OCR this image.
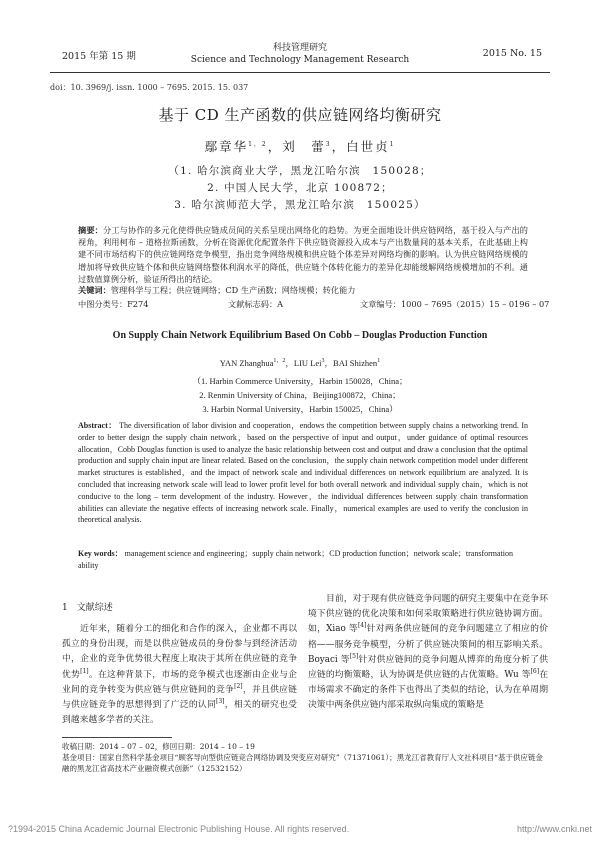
2015 年第 15 期
科技管理研究
Science and Technology Management Research
2015 No. 15
doi：10. 3969/j. issn. 1000 – 7695. 2015. 15. 037
基于 CD 生产函数的供应链网络均衡研究
鄢章华$^{1,2}$，刘　蕾$^3$，白世贞$^1$
（1. 哈尔滨商业大学，黑龙江哈尔滨　150028；
2. 中国人民大学，北京 100872；
3. 哈尔滨师范大学，黑龙江哈尔滨　150025）
摘要：分工与协作的多元化使得供应链成员间的关系呈现出网络化的趋势。为更全面地设计供应链网络，基于投入与产出的视角，利用柯布 – 道格拉斯函数，分析在资源优化配置条件下供应链资源投入成本与产出数量间的基本关系，在此基础上构建不同市场结构下的供应链网络竞争模型，指出竞争网络规模和供应链个体差异对网络均衡的影响。认为供应链网络规模的增加将导致供应链个体和供应链网络整体利润水平的降低，供应链个体转化能力的差异化却能缓解网络规模增加的不利。通过数值算例分析，验证所得出的结论。
关键词：管理科学与工程；供应链网络；CD 生产函数；网络规模；转化能力
中图分类号：F274	文献标志码：A	文章编号：1000 – 7695（2015）15 – 0196 – 07
On Supply Chain Network Equilibrium Based On Cobb – Douglas Production Function
YAN Zhanghua$^{1,2}$，LIU Lei$^3$，BAI Shizhen$^1$
（1. Harbin Commerce University，Harbin 150028，China；
2. Renmin University of China，Beijing100872，China；
3. Harbin Normal University，Harbin 150025，China）
Abstract： The diversification of labor division and cooperation，endows the competition between supply chains a networking trend. In order to better design the supply chain network，based on the perspective of input and output，under guidance of optimal resources allocation，Cobb Douglas function is used to analyze the basic relationship between cost and output and draw a conclusion that the optimal production and supply chain input are linear related. Based on the conclusion，the supply chain network competition model under different market structures is established，and the impact of network scale and individual differences on network equilibrium are analyzed. It is concluded that increasing network scale will lead to lower profit level for both overall network and individual supply chain，which is not conducive to the long – term development of the industry. However，the individual differences between supply chain transformation abilities can alleviate the negative effects of increasing network scale. Finally，numerical examples are used to verify the conclusion in theoretical analysis.
Key words： management science and engineering；supply chain network；CD production function；network scale；transformation ability
1　文献综述
近年来，随着分工的细化和合作的深入，企业都不再以孤立的身份出现，而是以供应链成员的身份参与到经济活动中，企业的竞争优势很大程度上取决于其所在供应链的竞争优势[1]。在这种背景下，市场的竞争模式也逐渐由企业与企业间的竞争转变为供应链与供应链间的竞争[2]，并且供应链与供应链竞争的思想得到了广泛的认同[3]，相关的研究也受到越来越多学者的关注。
目前，对于现有供应链竞争问题的研究主要集中在竞争环境下供应链的优化决策和如何采取策略进行供应链协调方面。如，Xiao 等[4]针对两条供应链间的竞争问题建立了相应的价格——服务竞争模型，分析了供应链决策间的相互影响关系。Boyaci 等[5]针对供应链间的竞争问题从博弈的角度分析了供应链的均衡策略，认为协调是供应链的占优策略。Wu 等[6]在市场需求不确定的条件下也得出了类似的结论，认为在单周期决策中两条供应链内部采取纵向集成的策略是
收稿日期：2014 – 07 – 02，修回日期：2014 – 10 – 19
基金项目：国家自然科学基金项目“顾客导向型供应链竞合网络协调及突变应对研究”（71371061）；黑龙江省教育厅人文社科项目“基于供应链金融的黑龙江省高技术产业融资模式创新”（12532152）
?1994-2015 China Academic Journal Electronic Publishing House. All rights reserved.	http://www.cnki.net
